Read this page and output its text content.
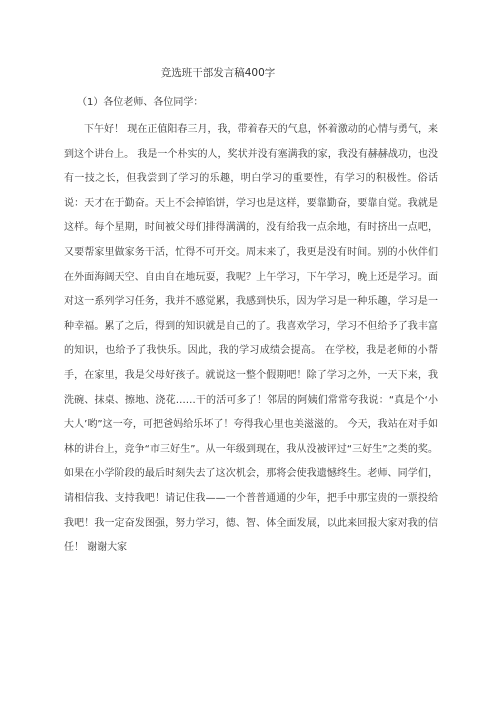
竞选班干部发言稿400字
（1）各位老师、各位同学：

下午好！ 现在正值阳春三月，我，带着春天的气息，怀着激动的心情与勇气，来到这个讲台上。 我是一个朴实的人，奖状并没有塞满我的家，我没有赫赫战功，也没有一技之长，但我尝到了学习的乐趣，明白学习的重要性，有学习的积极性。俗话说：天才在于勤奋。天上不会掉馅饼，学习也是这样，要靠勤奋，要靠自觉。我就是这样。每个星期，时间被父母们排得满满的，没有给我一点余地，有时挤出一点吧，又要帮家里做家务干活，忙得不可开交。周末来了，我更是没有时间。别的小伙伴们在外面海阔天空、自由自在地玩耍，我呢？上午学习，下午学习，晚上还是学习。面对这一系列学习任务，我并不感觉累，我感到快乐，因为学习是一种乐趣，学习是一种幸福。累了之后，得到的知识就是自己的了。我喜欢学习，学习不但给予了我丰富的知识，也给予了我快乐。因此，我的学习成绩会提高。 在学校，我是老师的小帮手，在家里，我是父母好孩子。就说这一整个假期吧！除了学习之外，一天下来，我洗碗、抹桌、擦地、浇花……干的活可多了！邻居的阿姨们常常夸我说：“真是个‘小大人’哟”这一夸，可把爸妈给乐坏了！夸得我心里也美滋滋的。 今天，我站在对手如林的讲台上，竞争“市三好生”。从一年级到现在，我从没被评过“三好生”之类的奖。如果在小学阶段的最后时刻失去了这次机会，那将会使我遗憾终生。老师、同学们，请相信我、支持我吧！请记住我——一个普普通通的少年，把手中那宝贵的一票投给我吧！我一定奋发图强，努力学习，德、智、体全面发展，以此来回报大家对我的信任！ 谢谢大家
